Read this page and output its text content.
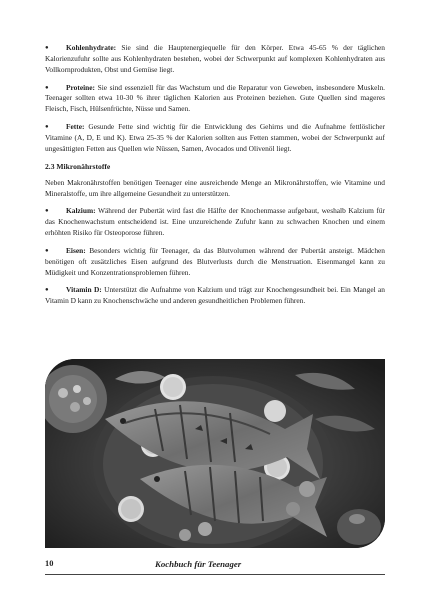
● Kohlenhydrate: Sie sind die Hauptenergiequelle für den Körper. Etwa 45-65 % der täglichen Kalorienzufuhr sollte aus Kohlenhydraten bestehen, wobei der Schwerpunkt auf komplexen Kohlenhydraten aus Vollkornprodukten, Obst und Gemüse liegt.

● Proteine: Sie sind essenziell für das Wachstum und die Reparatur von Geweben, insbesondere Muskeln. Teenager sollten etwa 10-30 % ihrer täglichen Kalorien aus Proteinen beziehen. Gute Quellen sind mageres Fleisch, Fisch, Hülsenfrüchte, Nüsse und Samen.

● Fette: Gesunde Fette sind wichtig für die Entwicklung des Gehirns und die Aufnahme fettlöslicher Vitamine (A, D, E und K). Etwa 25-35 % der Kalorien sollten aus Fetten stammen, wobei der Schwerpunkt auf ungesättigten Fetten aus Quellen wie Nüssen, Samen, Avocados und Olivenöl liegt.

2.3 Mikronährstoffe

Neben Makronährstoffen benötigen Teenager eine ausreichende Menge an Mikronährstoffen, wie Vitamine und Mineralstoffe, um ihre allgemeine Gesundheit zu unterstützen.

● Kalzium: Während der Pubertät wird fast die Hälfte der Knochenmasse aufgebaut, weshalb Kalzium für das Knochenwachstum entscheidend ist. Eine unzureichende Zufuhr kann zu schwachen Knochen und einem erhöhten Risiko für Osteoporose führen.

● Eisen: Besonders wichtig für Teenager, da das Blutvolumen während der Pubertät ansteigt. Mädchen benötigen oft zusätzliches Eisen aufgrund des Blutverlusts durch die Menstruation. Eisenmangel kann zu Müdigkeit und Konzentrationsproblemen führen.

● Vitamin D: Unterstützt die Aufnahme von Kalzium und trägt zur Knochengesundheit bei. Ein Mangel an Vitamin D kann zu Knochenschwäche und anderen gesundheitlichen Problemen führen.

10	Kochbuch für Teenager
